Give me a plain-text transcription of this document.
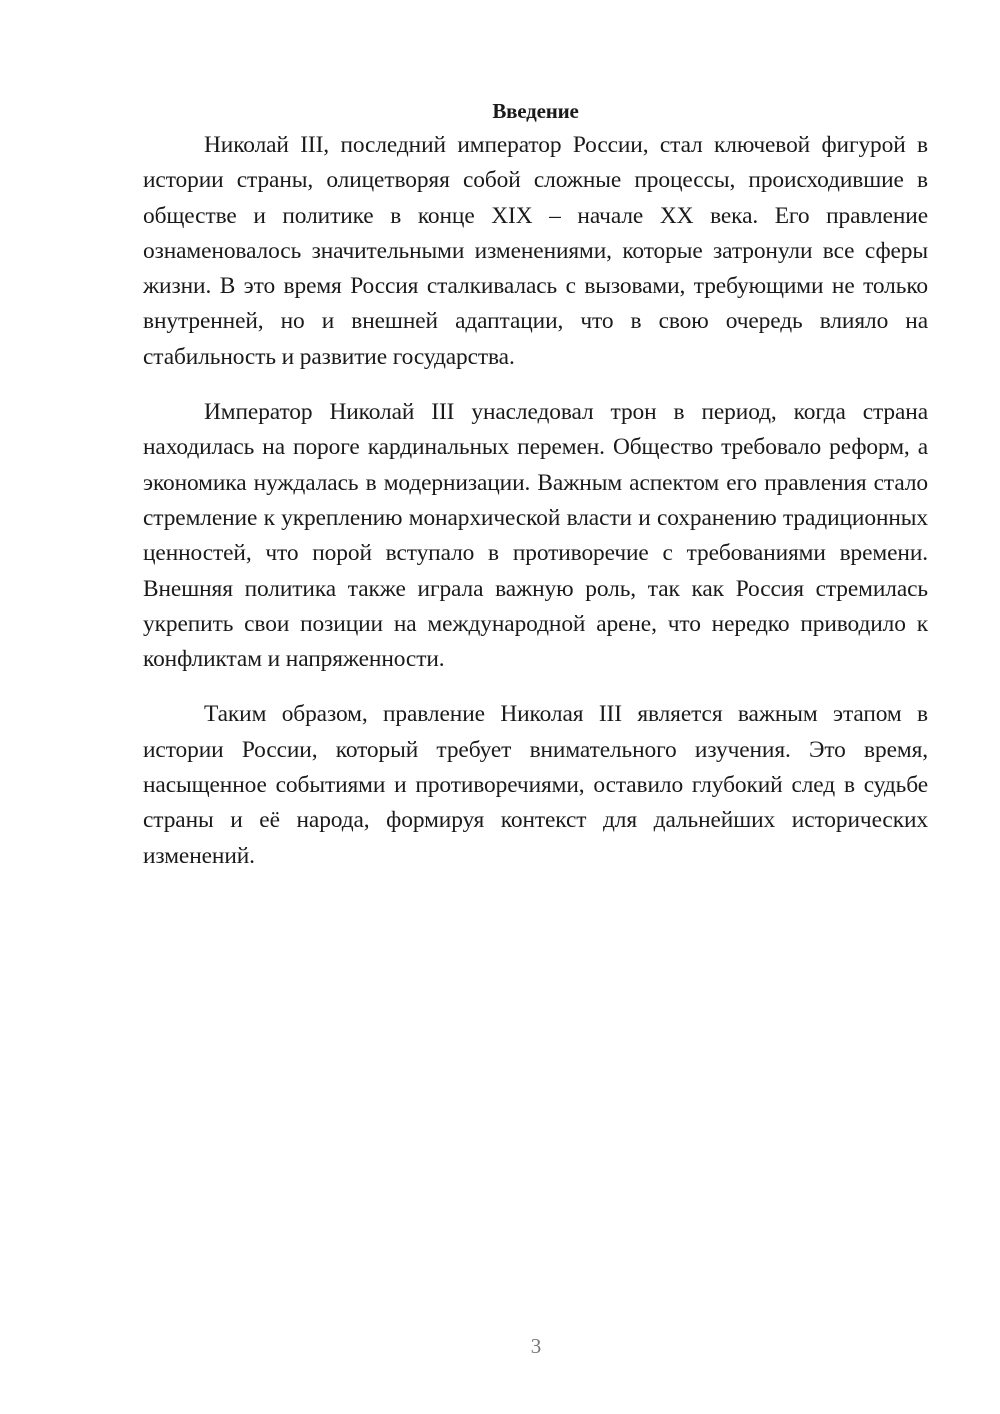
Введение

Николай III, последний император России, стал ключевой фигурой в истории страны, олицетворяя собой сложные процессы, происходившие в обществе и политике в конце XIX – начале XX века. Его правление ознаменовалось значительными изменениями, которые затронули все сферы жизни. В это время Россия сталкивалась с вызовами, требующими не только внутренней, но и внешней адаптации, что в свою очередь влияло на стабильность и развитие государства.

Император Николай III унаследовал трон в период, когда страна находилась на пороге кардинальных перемен. Общество требовало реформ, а экономика нуждалась в модернизации. Важным аспектом его правления стало стремление к укреплению монархической власти и сохранению традиционных ценностей, что порой вступало в противоречие с требованиями времени. Внешняя политика также играла важную роль, так как Россия стремилась укрепить свои позиции на международной арене, что нередко приводило к конфликтам и напряженности.

Таким образом, правление Николая III является важным этапом в истории России, который требует внимательного изучения. Это время, насыщенное событиями и противоречиями, оставило глубокий след в судьбе страны и её народа, формируя контекст для дальнейших исторических изменений.

3
